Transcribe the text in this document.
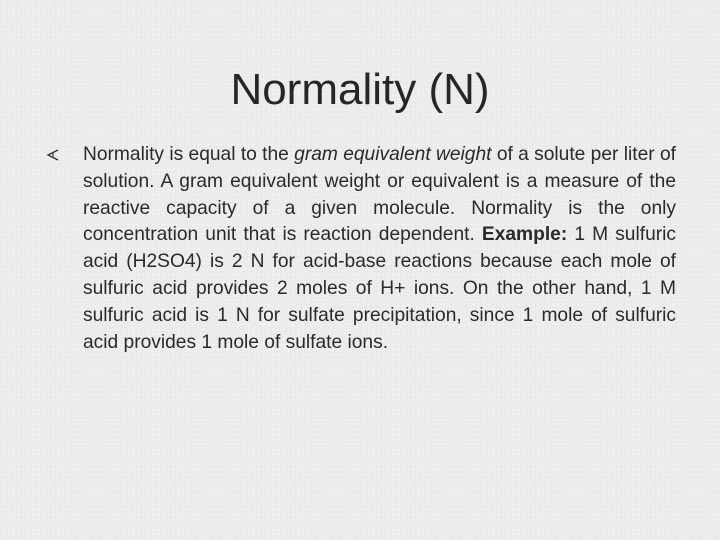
Normality (N)

Normality is equal to the gram equivalent weight of a solute per liter of solution. A gram equivalent weight or equivalent is a measure of the reactive capacity of a given molecule. Normality is the only concentration unit that is reaction dependent. Example: 1 M sulfuric acid (H2SO4) is 2 N for acid-base reactions because each mole of sulfuric acid provides 2 moles of H+ ions. On the other hand, 1 M sulfuric acid is 1 N for sulfate precipitation, since 1 mole of sulfuric acid provides 1 mole of sulfate ions.
